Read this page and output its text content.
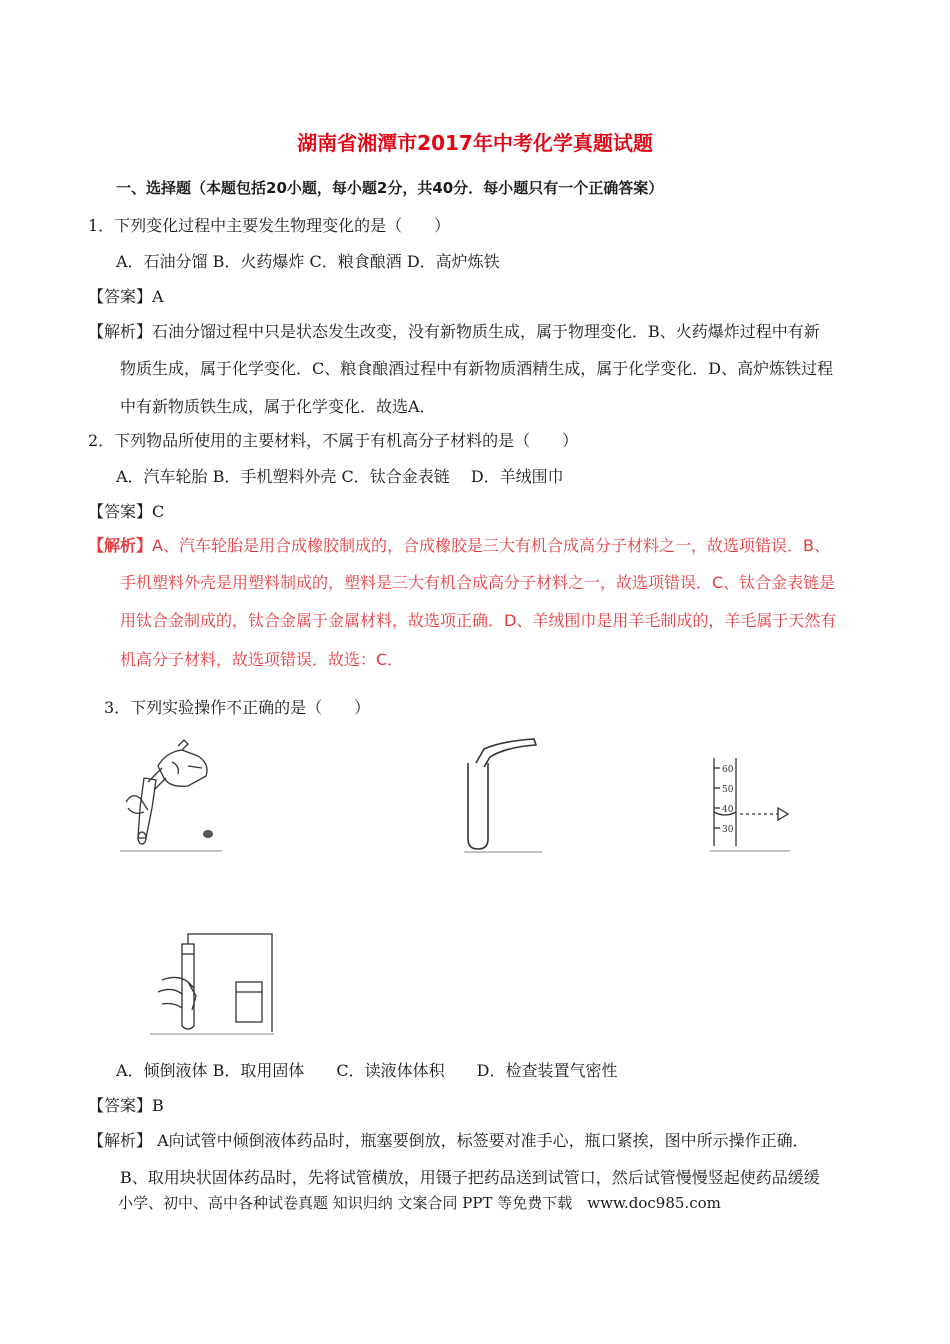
湖南省湘潭市2017年中考化学真题试题
一、选择题（本题包括20小题，每小题2分，共40分．每小题只有一个正确答案）
1．下列变化过程中主要发生物理变化的是（　　）
A．石油分馏 B．火药爆炸 C．粮食酿酒 D．高炉炼铁
【答案】A
【解析】石油分馏过程中只是状态发生改变，没有新物质生成，属于物理变化．B、火药爆炸过程中有新
物质生成，属于化学变化．C、粮食酿酒过程中有新物质酒精生成，属于化学变化．D、高炉炼铁过程
中有新物质铁生成，属于化学变化．故选A．
2．下列物品所使用的主要材料，不属于有机高分子材料的是（　　）
A．汽车轮胎 B．手机塑料外壳 C．钛合金表链　 D．羊绒围巾
【答案】C
【解析】A、汽车轮胎是用合成橡胶制成的，合成橡胶是三大有机合成高分子材料之一，故选项错误．B、
手机塑料外壳是用塑料制成的，塑料是三大有机合成高分子材料之一，故选项错误．C、钛合金表链是
用钛合金制成的，钛合金属于金属材料，故选项正确．D、羊绒围巾是用羊毛制成的，羊毛属于天然有
机高分子材料，故选项错误．故选：C．
3．下列实验操作不正确的是（　　）
60
50
40
30
A．倾倒液体 B．取用固体　　C．读液体体积　　D．检查装置气密性
【答案】B
【解析】 A向试管中倾倒液体药品时，瓶塞要倒放，标签要对准手心，瓶口紧挨，图中所示操作正确．
B、取用块状固体药品时，先将试管横放，用镊子把药品送到试管口，然后试管慢慢竖起使药品缓缓
小学、初中、高中各种试卷真题 知识归纳 文案合同 PPT 等免费下载　www.doc985.com
